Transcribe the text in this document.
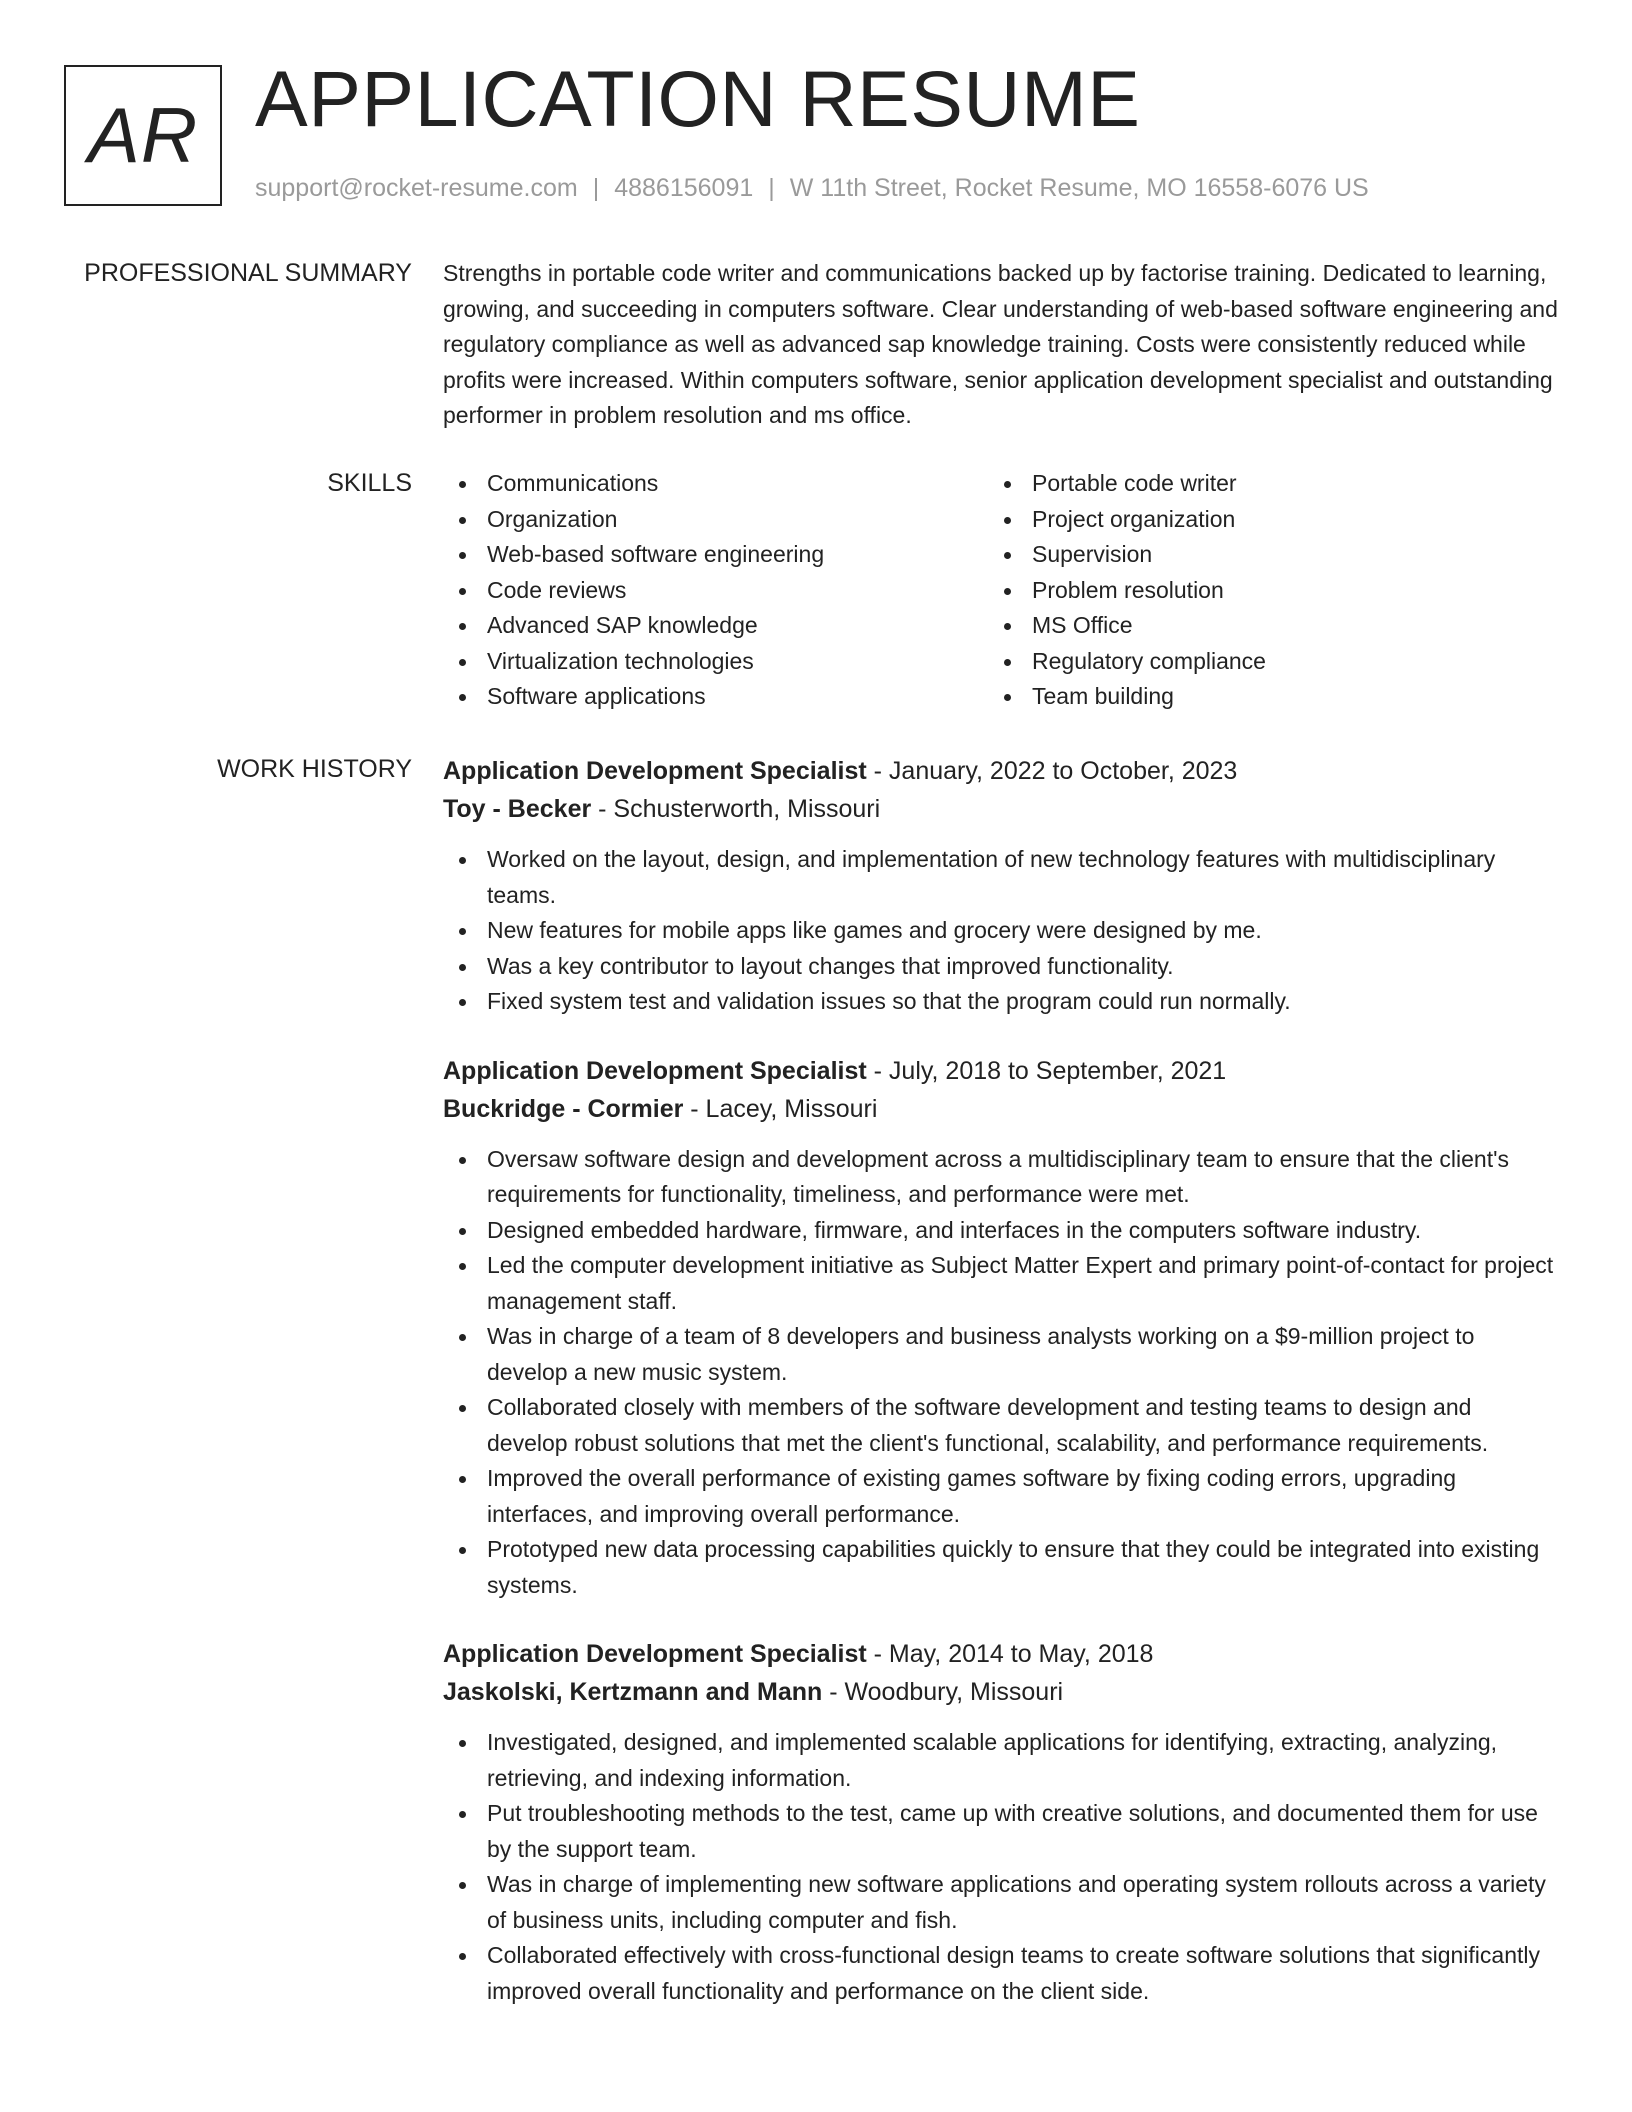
AR APPLICATION RESUME
support@rocket-resume.com | 4886156091 | W 11th Street, Rocket Resume, MO 16558-6076 US
PROFESSIONAL SUMMARY Strengths in portable code writer and communications backed up by factorise training. Dedicated to learning, growing, and succeeding in computers software. Clear understanding of web-based software engineering and regulatory compliance as well as advanced sap knowledge training. Costs were consistently reduced while profits were increased. Within computers software, senior application development specialist and outstanding performer in problem resolution and ms office.

SKILLS	Communications
Organization
Web-based software engineering
Code reviews
Advanced SAP knowledge
Virtualization technologies
Software applications
Portable code writer
Project organization
Supervision
Problem resolution
MS Office
Regulatory compliance
Team building
WORK HISTORY Application Development Specialist - January, 2022 to October, 2023
Toy - Becker - Schusterworth, Missouri
Worked on the layout, design, and implementation of new technology features with multidisciplinary teams.
New features for mobile apps like games and grocery were designed by me.
Was a key contributor to layout changes that improved functionality.
Fixed system test and validation issues so that the program could run normally.
Application Development Specialist - July, 2018 to September, 2021
Buckridge - Cormier - Lacey, Missouri
Oversaw software design and development across a multidisciplinary team to ensure that the client's requirements for functionality, timeliness, and performance were met.
Designed embedded hardware, firmware, and interfaces in the computers software industry.
Led the computer development initiative as Subject Matter Expert and primary point-of-contact for project management staff.
Was in charge of a team of 8 developers and business analysts working on a $9-million project to develop a new music system.
Collaborated closely with members of the software development and testing teams to design and develop robust solutions that met the client's functional, scalability, and performance requirements.
Improved the overall performance of existing games software by fixing coding errors, upgrading interfaces, and improving overall performance.
Prototyped new data processing capabilities quickly to ensure that they could be integrated into existing systems.
Application Development Specialist - May, 2014 to May, 2018
Jaskolski, Kertzmann and Mann - Woodbury, Missouri
Investigated, designed, and implemented scalable applications for identifying, extracting, analyzing, retrieving, and indexing information.
Put troubleshooting methods to the test, came up with creative solutions, and documented them for use by the support team.
Was in charge of implementing new software applications and operating system rollouts across a variety of business units, including computer and fish.
Collaborated effectively with cross-functional design teams to create software solutions that significantly improved overall functionality and performance on the client side.
